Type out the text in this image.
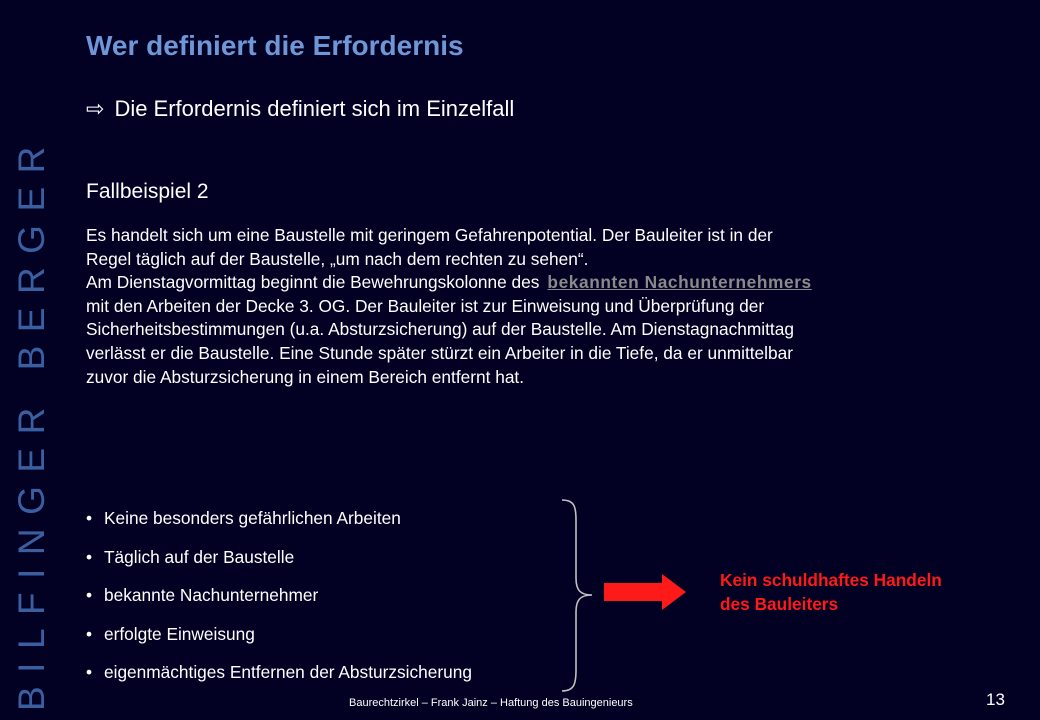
BILFINGER BERGER
Wer definiert die Erfordernis
⇨ Die Erfordernis definiert sich im Einzelfall
Fallbeispiel 2
Es handelt sich um eine Baustelle mit geringem Gefahrenpotential. Der Bauleiter ist in der
Regel täglich auf der Baustelle, „um nach dem rechten zu sehen“.
Am Dienstagvormittag beginnt die Bewehrungskolonne des bekannten Nachunternehmers
mit den Arbeiten der Decke 3. OG. Der Bauleiter ist zur Einweisung und Überprüfung der
Sicherheitsbestimmungen (u.a. Absturzsicherung) auf der Baustelle. Am Dienstagnachmittag
verlässt er die Baustelle. Eine Stunde später stürzt ein Arbeiter in die Tiefe, da er unmittelbar
zuvor die Absturzsicherung in einem Bereich entfernt hat.
• Keine besonders gefährlichen Arbeiten
• Täglich auf der Baustelle
• bekannte Nachunternehmer
• erfolgte Einweisung
• eigenmächtiges Entfernen der Absturzsicherung
Kein schuldhaftes Handeln
des Bauleiters
Baurechtzirkel – Frank Jainz – Haftung des Bauingenieurs	13
